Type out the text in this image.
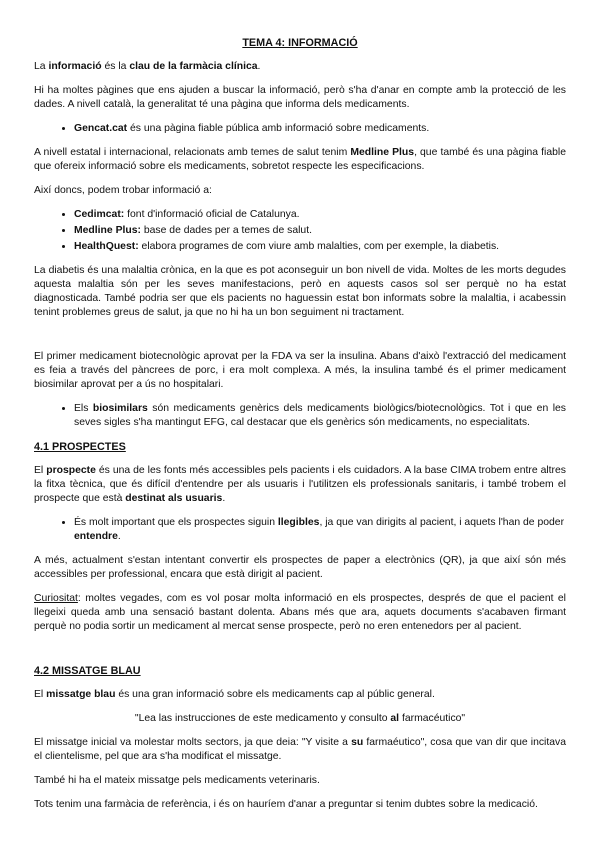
TEMA 4: INFORMACIÓ

La informació és la clau de la farmàcia clínica.

Hi ha moltes pàgines que ens ajuden a buscar la informació, però s'ha d'anar en compte amb la protecció de les dades. A nivell català, la generalitat té una pàgina que informa dels medicaments.

• Gencat.cat és una pàgina fiable pública amb informació sobre medicaments.

A nivell estatal i internacional, relacionats amb temes de salut tenim Medline Plus, que també és una pàgina fiable que ofereix informació sobre els medicaments, sobretot respecte les especificacions.

Així doncs, podem trobar informació a:

• Cedimcat: font d'informació oficial de Catalunya.
• Medline Plus: base de dades per a temes de salut.
• HealthQuest: elabora programes de com viure amb malalties, com per exemple, la diabetis.

La diabetis és una malaltia crònica, en la que es pot aconseguir un bon nivell de vida. Moltes de les morts degudes aquesta malaltia són per les seves manifestacions, però en aquests casos sol ser perquè no ha estat diagnosticada. També podria ser que els pacients no haguessin estat bon informats sobre la malaltia, i acabessin tenint problemes greus de salut, ja que no hi ha un bon seguiment ni tractament.

El primer medicament biotecnològic aprovat per la FDA va ser la insulina. Abans d'això l'extracció del medicament es feia a través del pàncrees de porc, i era molt complexa. A més, la insulina també és el primer medicament biosimilar aprovat per a ús no hospitalari.

• Els biosimilars són medicaments genèrics dels medicaments biològics/biotecnològics. Tot i que en les seves sigles s'ha mantingut EFG, cal destacar que els genèrics són medicaments, no especialitats.
4.1 PROSPECTES

El prospecte és una de les fonts més accessibles pels pacients i els cuidadors. A la base CIMA trobem entre altres la fitxa tècnica, que és difícil d'entendre per als usuaris i l'utilitzen els professionals sanitaris, i també trobem el prospecte que està destinat als usuaris.

• És molt important que els prospectes siguin llegibles, ja que van dirigits al pacient, i aquets l'han de poder entendre.

A més, actualment s'estan intentant convertir els prospectes de paper a electrònics (QR), ja que així són més accessibles per professional, encara que està dirigit al pacient.

Curiositat: moltes vegades, com es vol posar molta informació en els prospectes, després de que el pacient el llegeixi queda amb una sensació bastant dolenta. Abans més que ara, aquets documents s'acabaven firmant perquè no podia sortir un medicament al mercat sense prospecte, però no eren entenedors per al pacient.

4.2 MISSATGE BLAU

El missatge blau és una gran informació sobre els medicaments cap al públic general.

"Lea las instrucciones de este medicamento y consulto al farmacéutico"

El missatge inicial va molestar molts sectors, ja que deia: "Y visite a su farmaéutico", cosa que van dir que incitava el clientelisme, pel que ara s'ha modificat el missatge.

També hi ha el mateix missatge pels medicaments veterinaris.

Tots tenim una farmàcia de referència, i és on hauríem d'anar a preguntar si tenim dubtes sobre la medicació.
